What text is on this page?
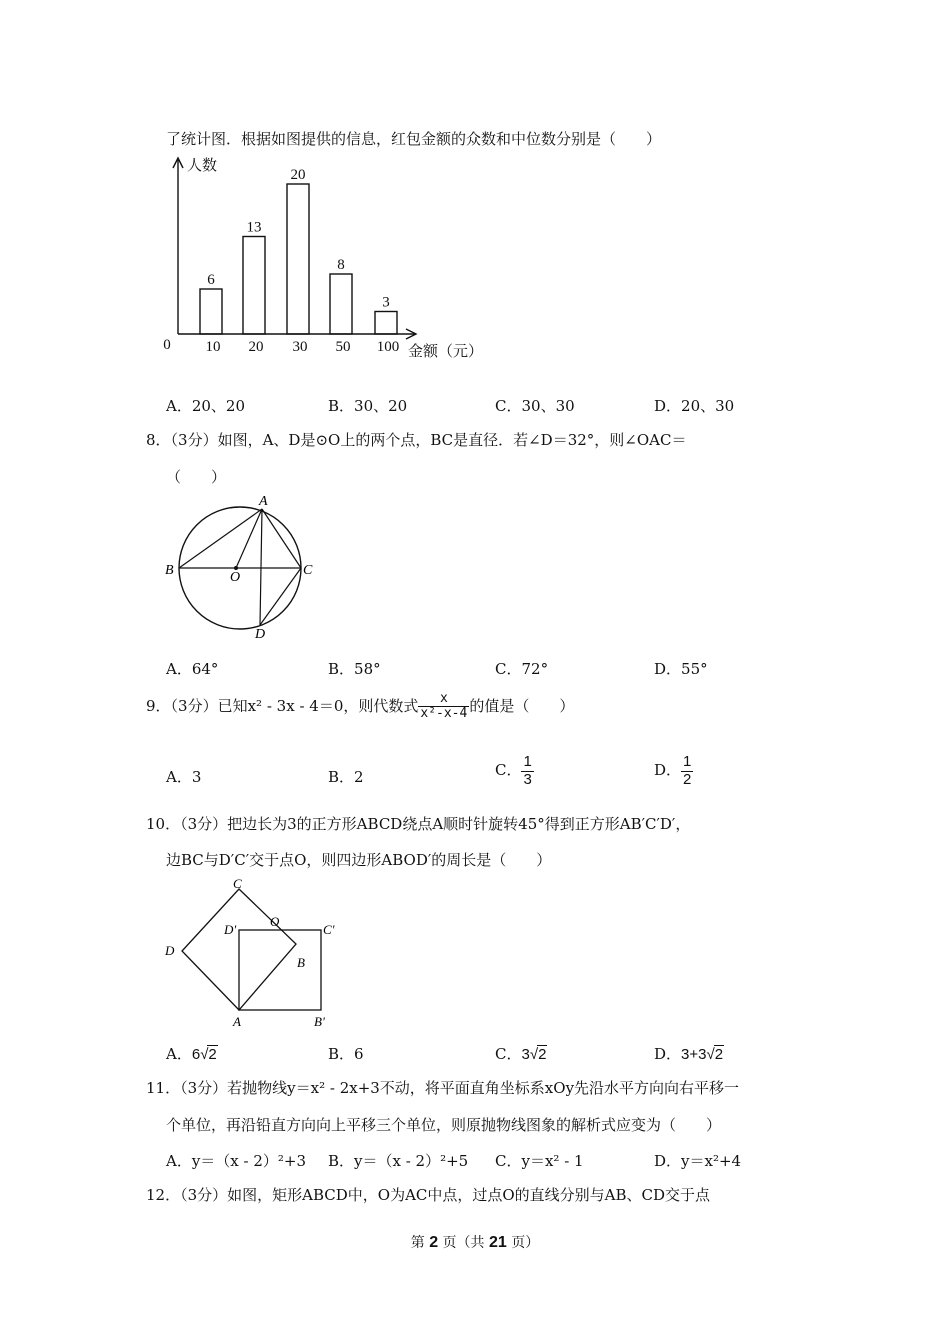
了统计图．根据如图提供的信息，红包金额的众数和中位数分别是（　　）
6
10
13
20
20
30
8
50
3
100
0
人数
金额（元）
A．20、20	B．30、20	C．30、30	D．20、30
8．（3分）如图，A、D是⊙O上的两个点，BC是直径．若∠D＝32°，则∠OAC＝
（　　）
A
B	O	C
D
A．64°	B．58°	C．72°	D．55°
9．（3分）已知x² - 3x - 4＝0，则代数式 $\frac{x}{\text{x²-x-4}}$ 的值是（　　）
A．3	B．2	C． $\frac{1}{3}$	D． $\frac{1}{2}$
10．（3分）把边长为3的正方形ABCD绕点A顺时针旋转45°得到正方形AB′C′D′，
边BC与D′C′交于点O，则四边形ABOD′的周长是（　　）
C
D'
O
C'
D
B
A	B'
A．6√2	B．6	C．3√2	D．3+3√2
11．（3分）若抛物线y＝x² - 2x+3不动，将平面直角坐标系xOy先沿水平方向向右平移一
个单位，再沿铅直方向向上平移三个单位，则原抛物线图象的解析式应变为（　　）
A．y＝（x - 2）²+3 B．y＝（x - 2）²+5 C．y＝x² - 1	D．y＝x²+4
12．（3分）如图，矩形ABCD中，O为AC中点，过点O的直线分别与AB、CD交于点
第 2 页（共 21 页）
